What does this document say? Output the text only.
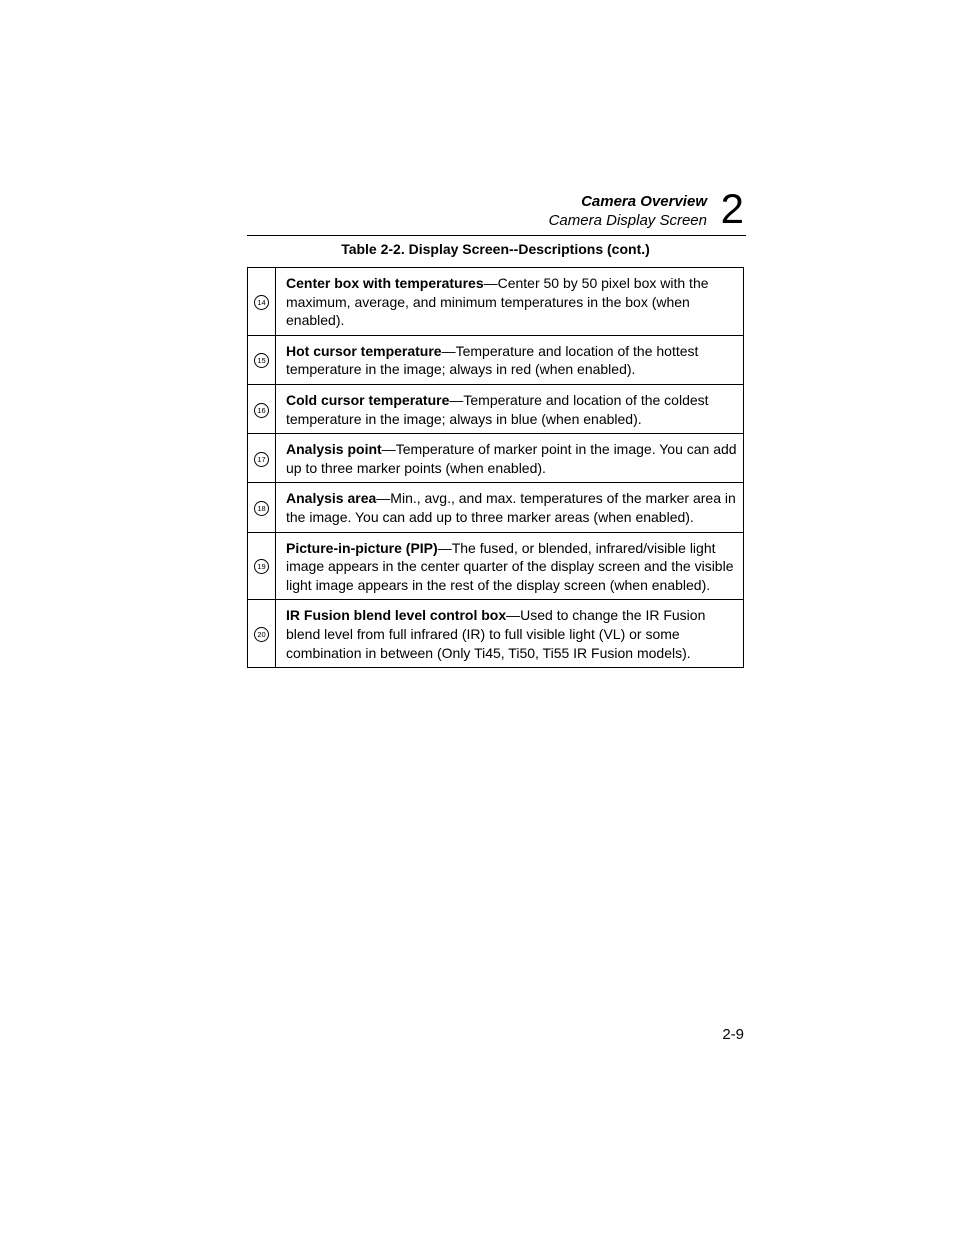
Camera Overview
Camera Display Screen 2
Table 2-2. Display Screen--Descriptions (cont.)
14	Center box with temperatures—Center 50 by 50 pixel box with the maximum, average, and minimum temperatures in the box (when enabled).
15	Hot cursor temperature—Temperature and location of the hottest temperature in the image; always in red (when enabled).
16	Cold cursor temperature—Temperature and location of the coldest temperature in the image; always in blue (when enabled).
17	Analysis point—Temperature of marker point in the image. You can add up to three marker points (when enabled).
18	Analysis area—Min., avg., and max. temperatures of the marker area in the image. You can add up to three marker areas (when enabled).
19	Picture-in-picture (PIP)—The fused, or blended, infrared/visible light image appears in the center quarter of the display screen and the visible light image appears in the rest of the display screen (when enabled).
20	IR Fusion blend level control box—Used to change the IR Fusion blend level from full infrared (IR) to full visible light (VL) or some combination in between (Only Ti45, Ti50, Ti55 IR Fusion models).
2-9
